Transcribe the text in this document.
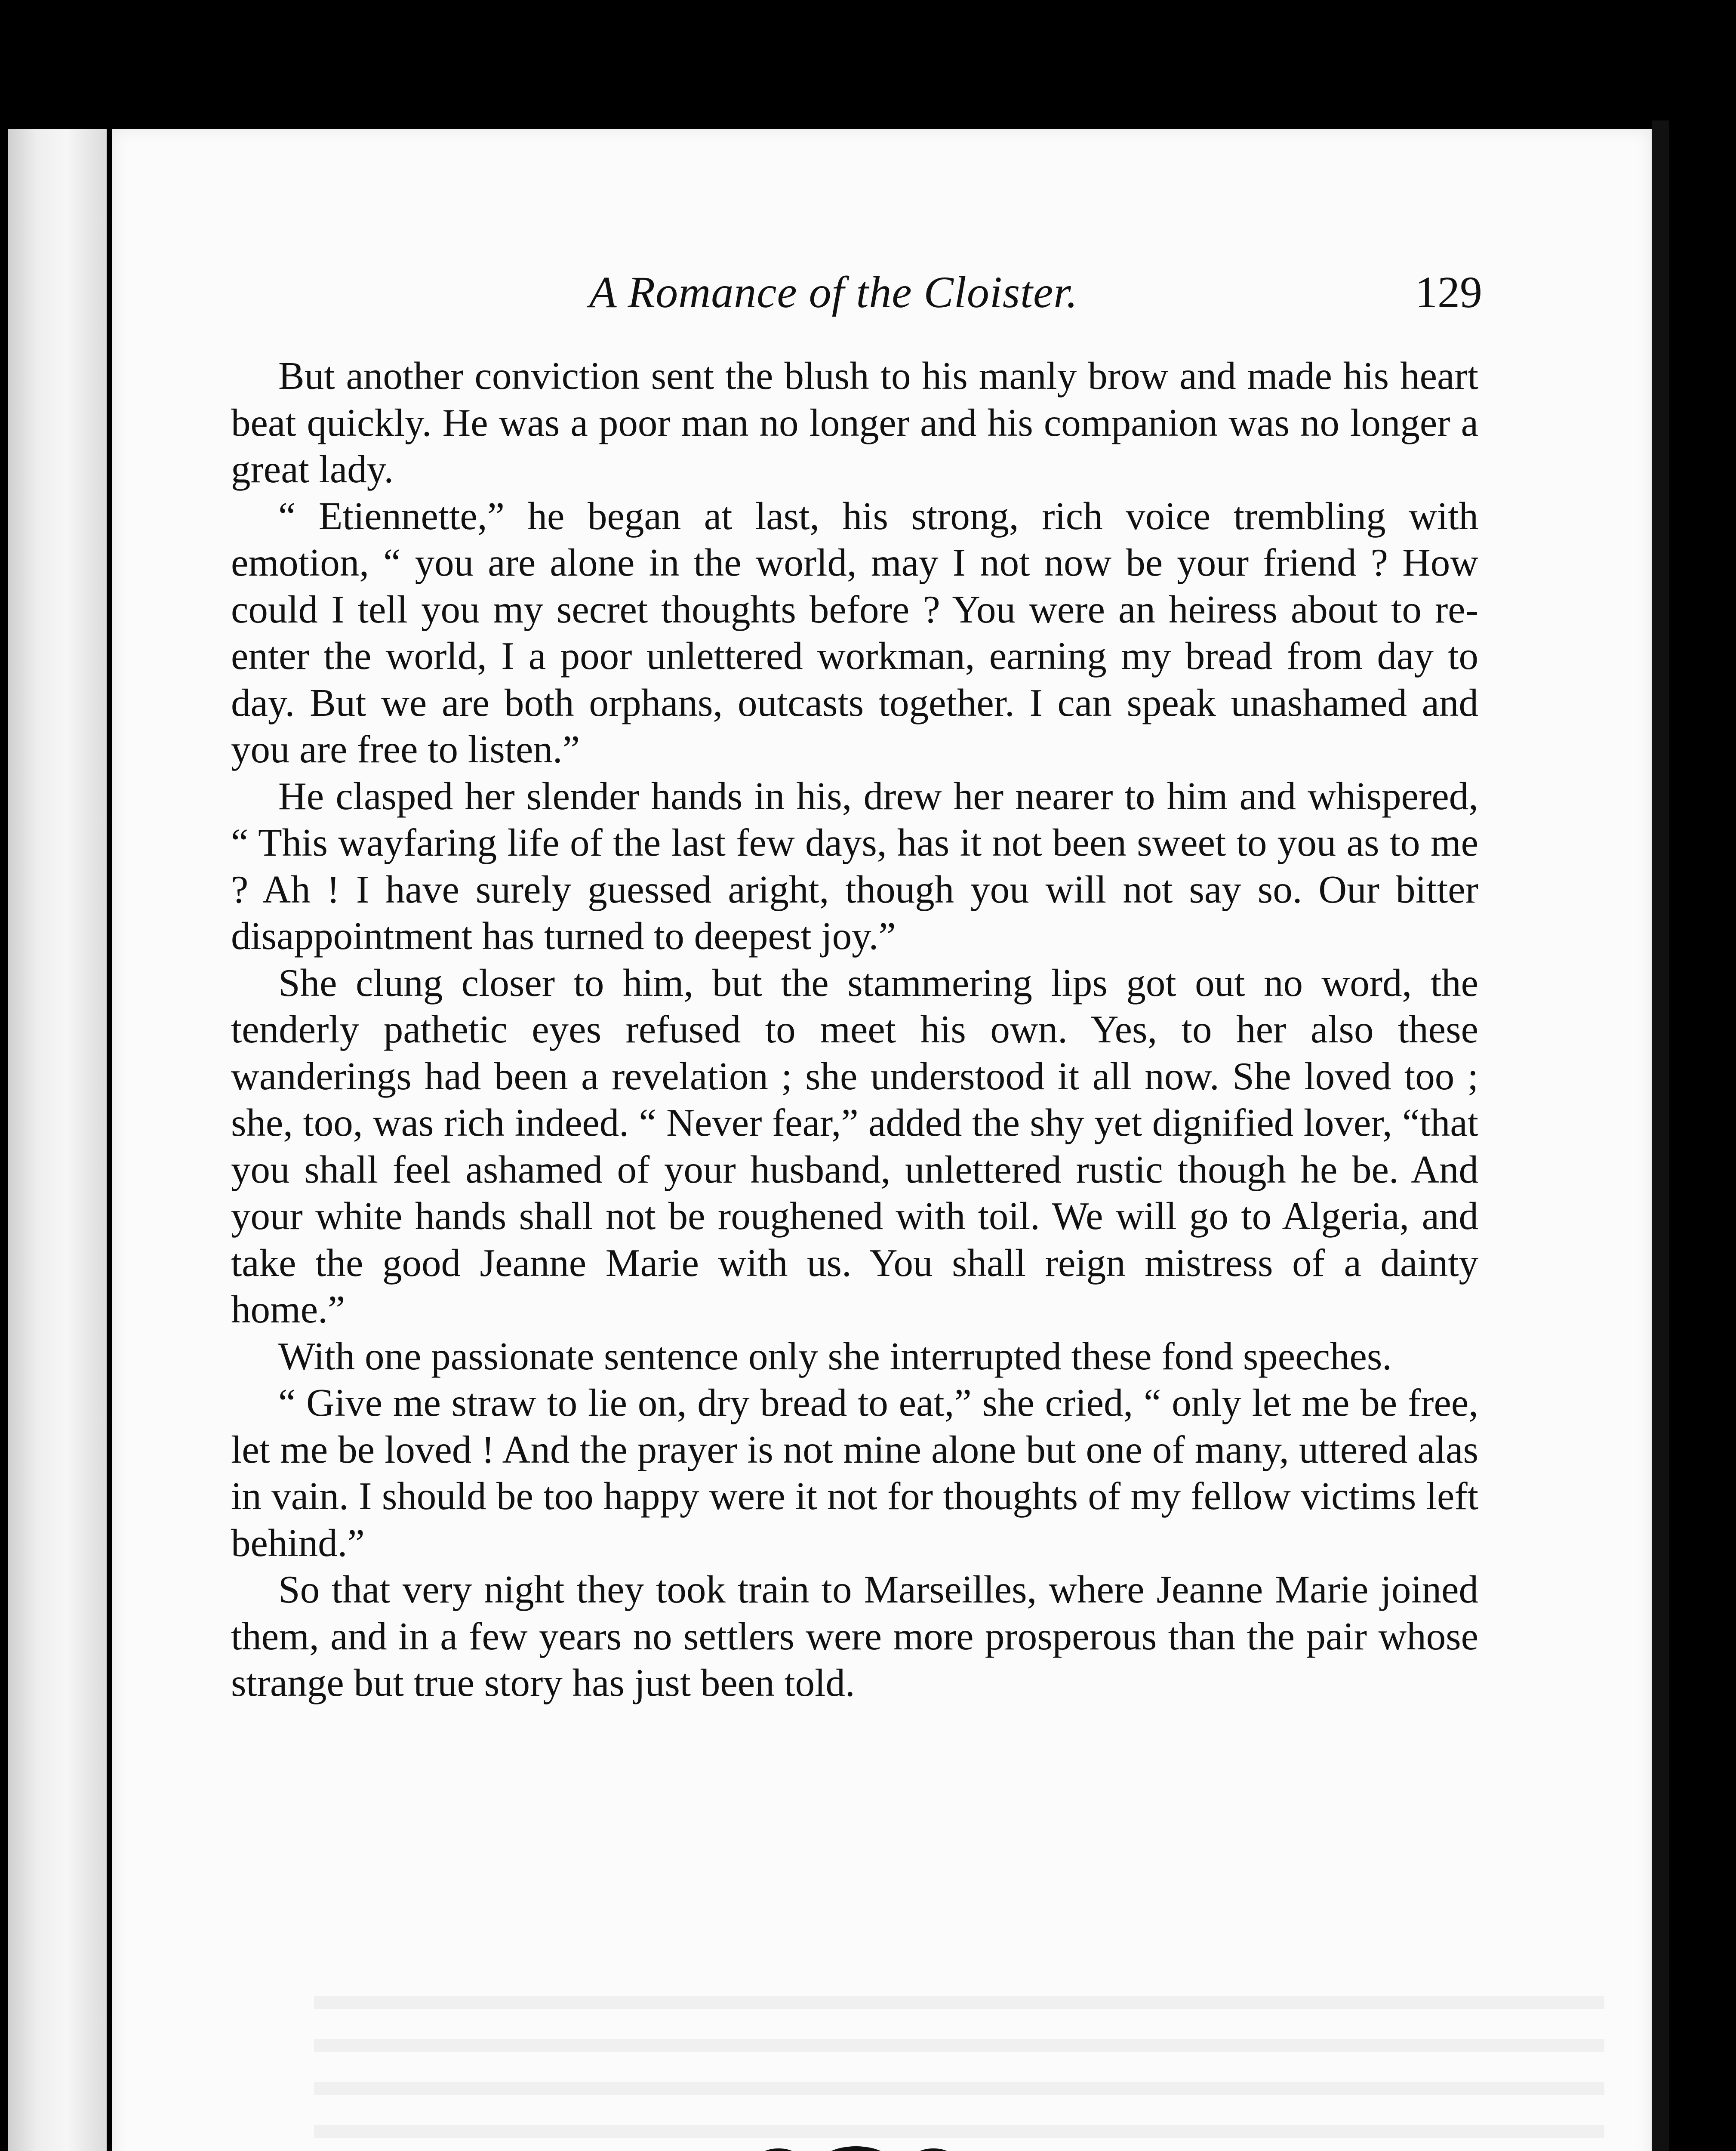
A Romance of the Cloister.	129

But another conviction sent the blush to his manly brow and made his heart beat quickly. He was a poor man no longer and his companion was no longer a great lady.

“ Etiennette,” he began at last, his strong, rich voice trembling with emotion, “ you are alone in the world, may I not now be your friend ? How could I tell you my secret thoughts before ? You were an heiress about to re-enter the world, I a poor unlettered workman, earning my bread from day to day. But we are both orphans, outcasts together. I can speak unashamed and you are free to listen.”

He clasped her slender hands in his, drew her nearer to him and whispered, “ This wayfaring life of the last few days, has it not been sweet to you as to me ? Ah ! I have surely guessed aright, though you will not say so. Our bitter disappointment has turned to deepest joy.”

She clung closer to him, but the stammering lips got out no word, the tenderly pathetic eyes refused to meet his own. Yes, to her also these wanderings had been a revelation ; she understood it all now. She loved too ; she, too, was rich indeed. “ Never fear,” added the shy yet dignified lover, “that you shall feel ashamed of your husband, unlettered rustic though he be. And your white hands shall not be roughened with toil. We will go to Algeria, and take the good Jeanne Marie with us. You shall reign mistress of a dainty home.”

With one passionate sentence only she interrupted these fond speeches.

“ Give me straw to lie on, dry bread to eat,” she cried, “ only let me be free, let me be loved ! And the prayer is not mine alone but one of many, uttered alas in vain. I should be too happy were it not for thoughts of my fellow victims left behind.”

So that very night they took train to Marseilles, where Jeanne Marie joined them, and in a few years no settlers were more prosperous than the pair whose strange but true story has just been told.
